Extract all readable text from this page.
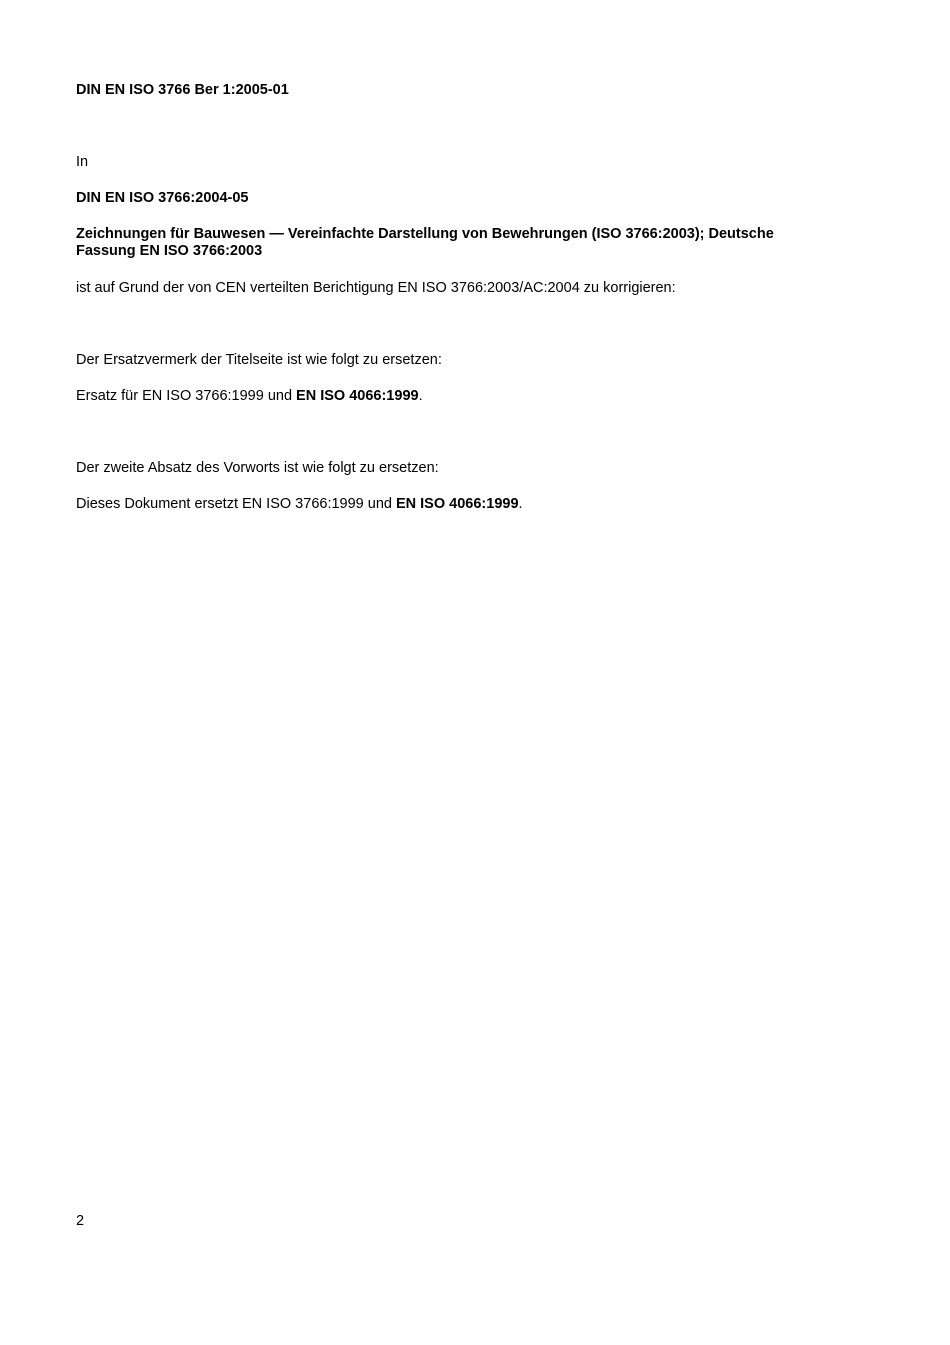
DIN EN ISO 3766 Ber 1:2005-01

In

DIN EN ISO 3766:2004-05

Zeichnungen für Bauwesen — Vereinfachte Darstellung von Bewehrungen (ISO 3766:2003); Deutsche
Fassung EN ISO 3766:2003

ist auf Grund der von CEN verteilten Berichtigung EN ISO 3766:2003/AC:2004 zu korrigieren:

Der Ersatzvermerk der Titelseite ist wie folgt zu ersetzen:

Ersatz für EN ISO 3766:1999 und EN ISO 4066:1999.

Der zweite Absatz des Vorworts ist wie folgt zu ersetzen:

Dieses Dokument ersetzt EN ISO 3766:1999 und EN ISO 4066:1999.

2
